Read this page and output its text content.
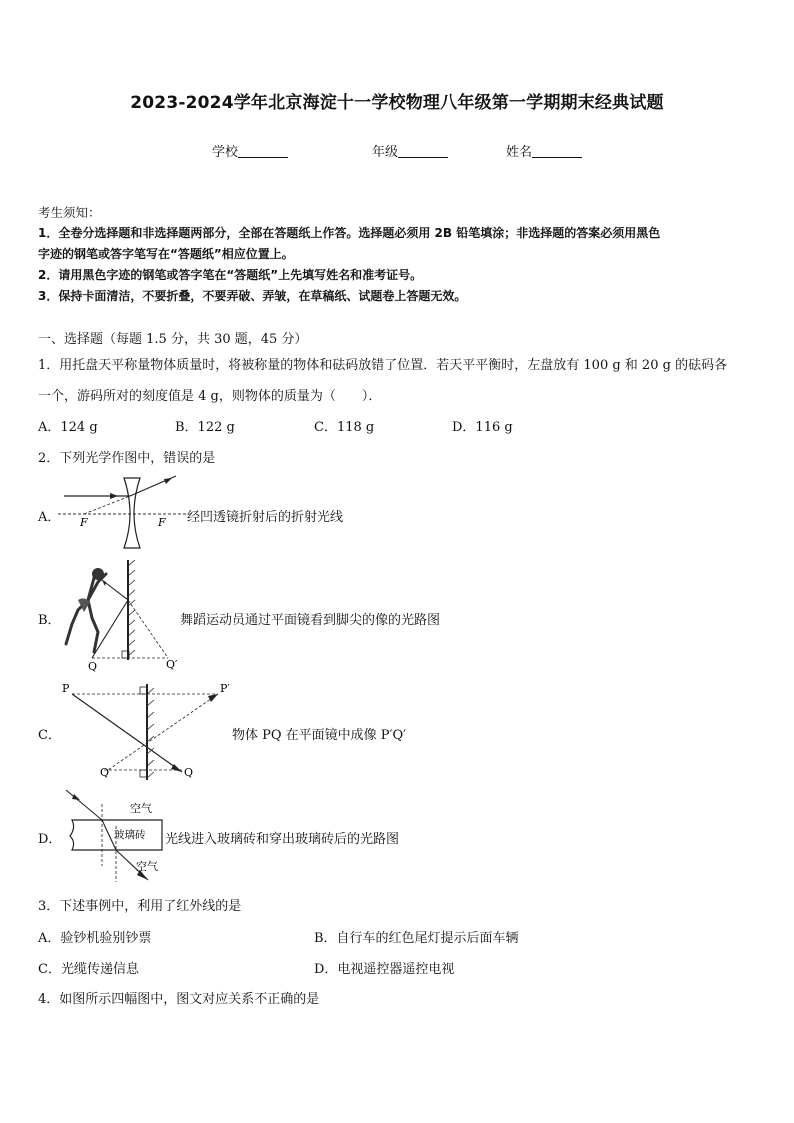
2023-2024学年北京海淀十一学校物理八年级第一学期期末经典试题
学校	年级	姓名
考生须知：
1．全卷分选择题和非选择题两部分，全部在答题纸上作答。选择题必须用 2B 铅笔填涂；非选择题的答案必须用黑色
字迹的钢笔或答字笔写在“答题纸”相应位置上。
2．请用黑色字迹的钢笔或答字笔在“答题纸”上先填写姓名和准考证号。
3．保持卡面清洁，不要折叠，不要弄破、弄皱，在草稿纸、试题卷上答题无效。
一、选择题（每题 1.5 分，共 30 题，45 分）
1．用托盘天平称量物体质量时，将被称量的物体和砝码放错了位置．若天平平衡时，左盘放有 100 g 和 20 g 的砝码各
一个，游码所对的刻度值是 4 g，则物体的质量为（　　）．
A．124 g	B．122 g	C．118 g	D．116 g
2．下列光学作图中，错误的是
A． F	F 经凹透镜折射后的折射光线
B．
Q	Q′
舞蹈运动员通过平面镜看到脚尖的像的光路图
C．
P	P′
Q	Q
物体 PQ 在平面镜中成像 P′Q′
D．
空气
玻璃砖
空气
光线进入玻璃砖和穿出玻璃砖后的光路图
3．下述事例中，利用了红外线的是
A．验钞机验别钞票	B．自行车的红色尾灯提示后面车辆
C．光缆传递信息	D．电视遥控器遥控电视
4．如图所示四幅图中，图文对应关系不正确的是
